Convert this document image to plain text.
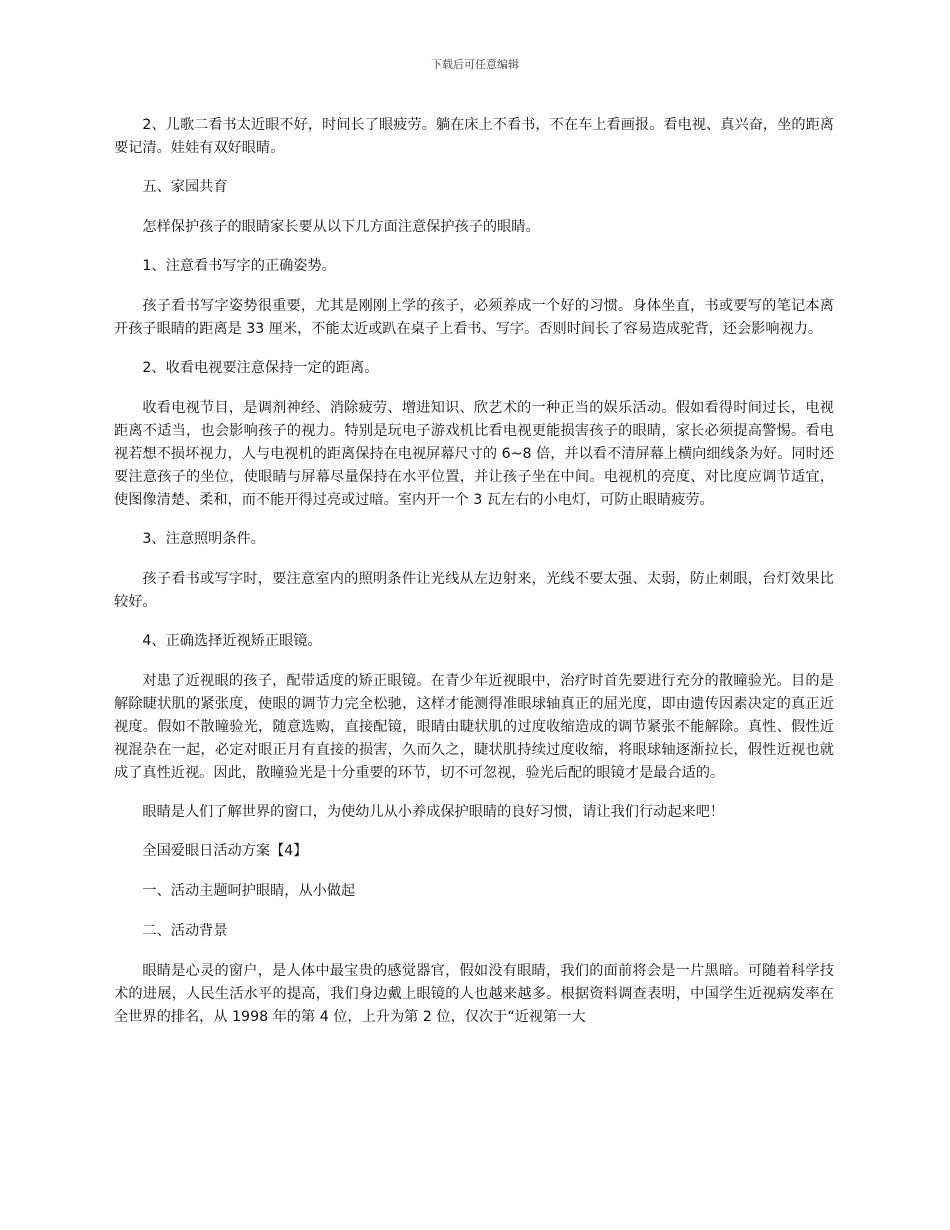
下载后可任意编辑

2、儿歌二看书太近眼不好，时间长了眼疲劳。躺在床上不看书，不在车上看画报。看电视、真兴奋，坐的距离要记清。娃娃有双好眼睛。

五、家园共育

怎样保护孩子的眼睛家长要从以下几方面注意保护孩子的眼睛。

1、注意看书写字的正确姿势。

孩子看书写字姿势很重要，尤其是刚刚上学的孩子，必须养成一个好的习惯。身体坐直，书或要写的笔记本离开孩子眼睛的距离是 33 厘米，不能太近或趴在桌子上看书、写字。否则时间长了容易造成驼背，还会影响视力。

2、收看电视要注意保持一定的距离。

收看电视节目，是调剂神经、消除疲劳、增进知识、欣艺术的一种正当的娱乐活动。假如看得时间过长，电视距离不适当，也会影响孩子的视力。特别是玩电子游戏机比看电视更能损害孩子的眼睛，家长必须提高警惕。看电视若想不损坏视力，人与电视机的距离保持在电视屏幕尺寸的 6~8 倍，并以看不清屏幕上横向细线条为好。同时还要注意孩子的坐位，使眼睛与屏幕尽量保持在水平位置，并让孩子坐在中间。电视机的亮度、对比度应调节适宜，使图像清楚、柔和，而不能开得过亮或过暗。室内开一个 3 瓦左右的小电灯，可防止眼睛疲劳。

3、注意照明条件。

孩子看书或写字时，要注意室内的照明条件让光线从左边射来，光线不要太强、太弱，防止刺眼，台灯效果比较好。

4、正确选择近视矫正眼镜。

对患了近视眼的孩子，配带适度的矫正眼镜。在青少年近视眼中，治疗时首先要进行充分的散瞳验光。目的是解除睫状肌的紧张度，使眼的调节力完全松驰，这样才能测得准眼球轴真正的屈光度，即由遗传因素决定的真正近视度。假如不散瞳验光，随意选购，直接配镜，眼睛由睫状肌的过度收缩造成的调节紧张不能解除。真性、假性近视混杂在一起，必定对眼正月有直接的损害，久而久之，睫状肌持续过度收缩，将眼球轴逐渐拉长，假性近视也就成了真性近视。因此，散瞳验光是十分重要的环节，切不可忽视，验光后配的眼镜才是最合适的。

眼睛是人们了解世界的窗口，为使幼儿从小养成保护眼睛的良好习惯，请让我们行动起来吧！

全国爱眼日活动方案【4】

一、活动主题呵护眼睛，从小做起

二、活动背景

眼睛是心灵的窗户，是人体中最宝贵的感觉器官，假如没有眼睛，我们的面前将会是一片黑暗。可随着科学技术的进展，人民生活水平的提高，我们身边戴上眼镜的人也越来越多。根据资料调查表明，中国学生近视病发率在全世界的排名，从 1998 年的第 4 位，上升为第 2 位，仅次于“近视第一大
